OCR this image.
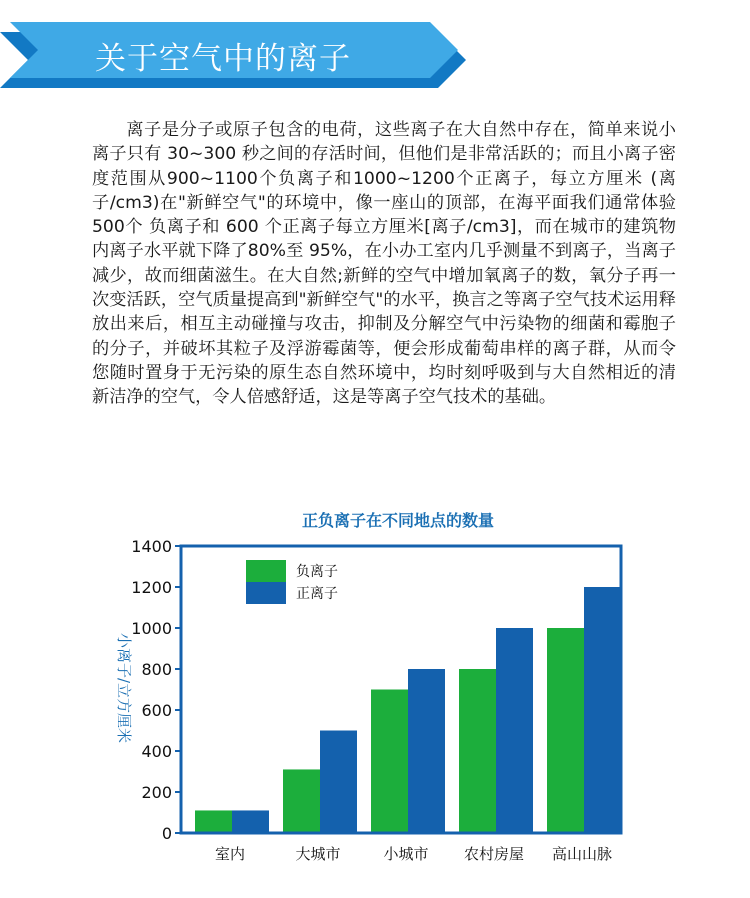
关于空气中的离子

离子是分子或原子包含的电荷，这些离子在大自然中存在，简单来说小离子只有 30~300 秒之间的存活时间，但他们是非常活跃的；而且小离子密度范围从900~1100个负离子和1000~1200个正离子，每立方厘米 (离子/cm3)在"新鲜空气"的环境中，像一座山的顶部，在海平面我们通常体验 500个 负离子和 600 个正离子每立方厘米[离子/cm3]，而在城市的建筑物内离子水平就下降了80%至 95%，在小办工室内几乎测量不到离子，当离子减少，故而细菌滋生。在大自然;新鲜的空气中增加氧离子的数，氧分子再一次变活跃，空气质量提高到"新鲜空气"的水平，换言之等离子空气技术运用释放出来后，相互主动碰撞与攻击，抑制及分解空气中污染物的细菌和霉胞子的分子，并破坏其粒子及浮游霉菌等，便会形成葡萄串样的离子群，从而令您随时置身于无污染的原生态自然环境中，均时刻呼吸到与大自然相近的清新洁净的空气，令人倍感舒适，这是等离子空气技术的基础。

正负离子在不同地点的数量
小离子/立方厘米
0
200
400
600
800
1000
1200
1400
室内	大城市	小城市 农村房屋 高山山脉
负离子
正离子
